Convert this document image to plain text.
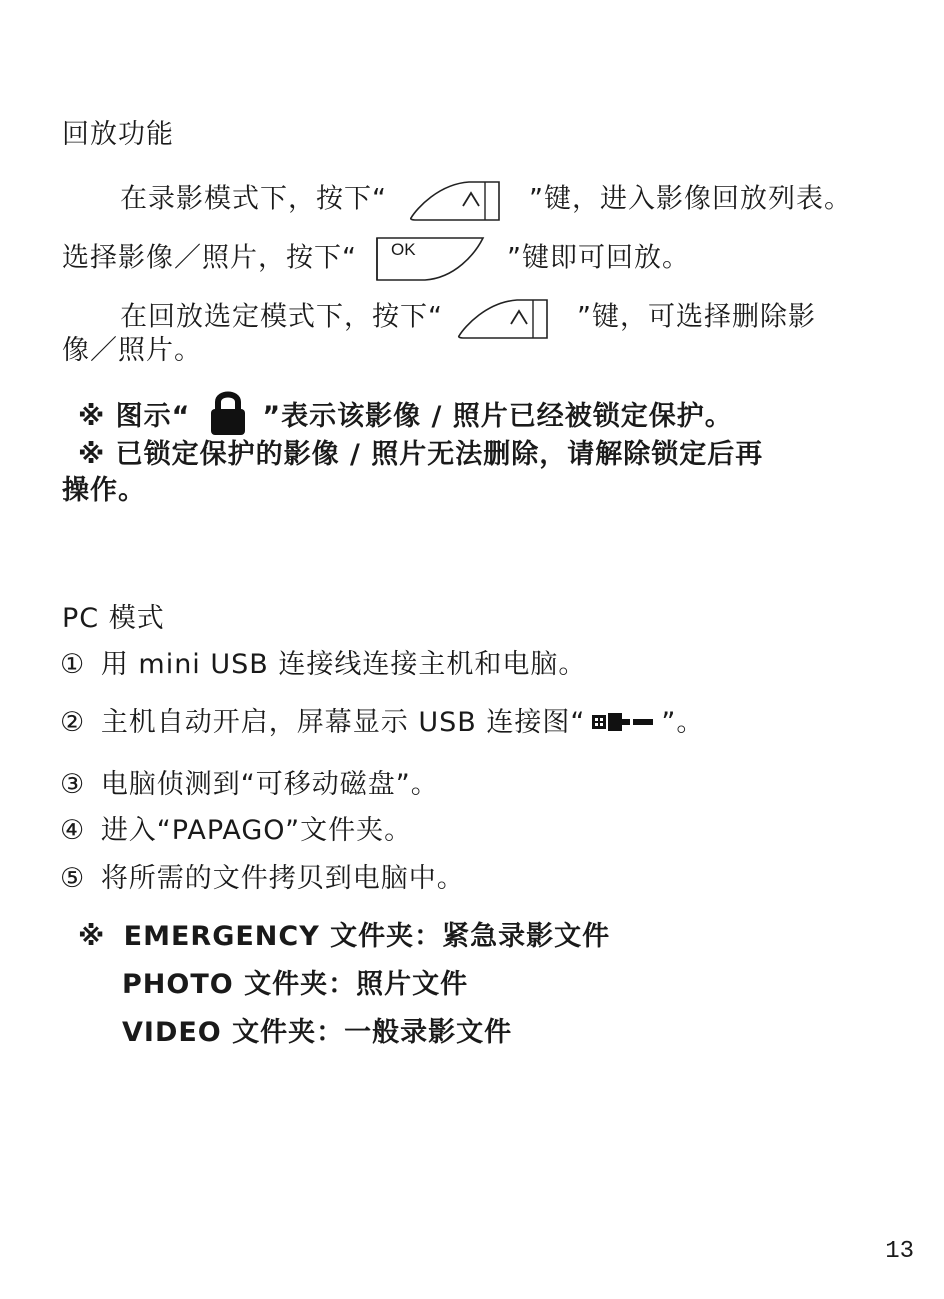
回放功能
在录影模式下，按下“	”键，进入影像回放列表。
选择影像／照片，按下“ OK	”键即可回放。
在回放选定模式下，按下“	”键，可选择删除影
像／照片。
※ 图示“	”表示该影像 / 照片已经被锁定保护。
※ 已锁定保护的影像 / 照片无法删除，请解除锁定后再
操作。
PC 模式
① 用 mini USB 连接线连接主机和电脑。
② 主机自动开启，屏幕显示 USB 连接图“	”。
③ 电脑侦测到“可移动磁盘”。
④ 进入“PAPAGO”文件夹。
⑤ 将所需的文件拷贝到电脑中。
※ EMERGENCY 文件夹：紧急录影文件
PHOTO 文件夹：照片文件
VIDEO 文件夹：一般录影文件
13
